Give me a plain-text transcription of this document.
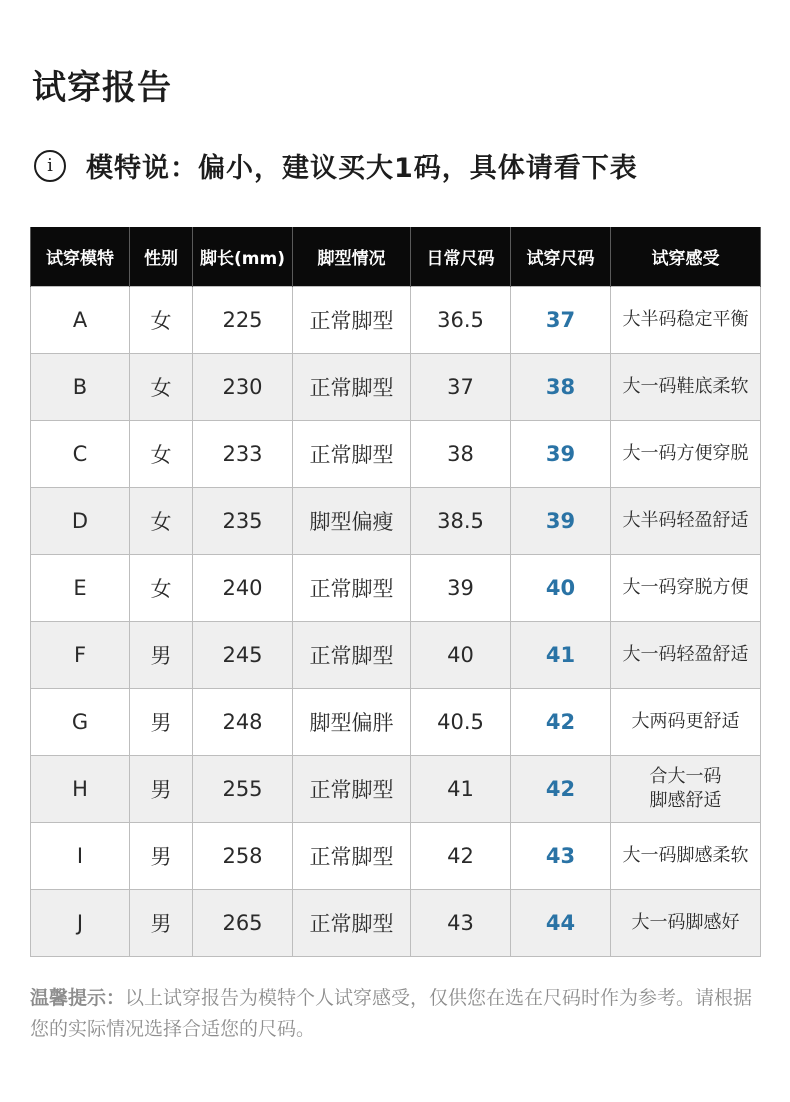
试穿报告
i	模特说：偏小，建议买大1码，具体请看下表
试穿模特	性别	脚长(mm)	脚型情况	日常尺码	试穿尺码	试穿感受
A	女	225	正常脚型	36.5	37	大半码稳定平衡
B	女	230	正常脚型	37	38	大一码鞋底柔软
C	女	233	正常脚型	38	39	大一码方便穿脱
D	女	235	脚型偏瘦	38.5	39	大半码轻盈舒适
E	女	240	正常脚型	39	40	大一码穿脱方便
F	男	245	正常脚型	40	41	大一码轻盈舒适
G	男	248	脚型偏胖	40.5	42	大两码更舒适
H	男	255	正常脚型	41	42	合大一码
脚感舒适
I	男	258	正常脚型	42	43	大一码脚感柔软
J	男	265	正常脚型	43	44	大一码脚感好
温馨提示：以上试穿报告为模特个人试穿感受，仅供您在选在尺码时作为参考。请根据您的实际情况选择合适您的尺码。
